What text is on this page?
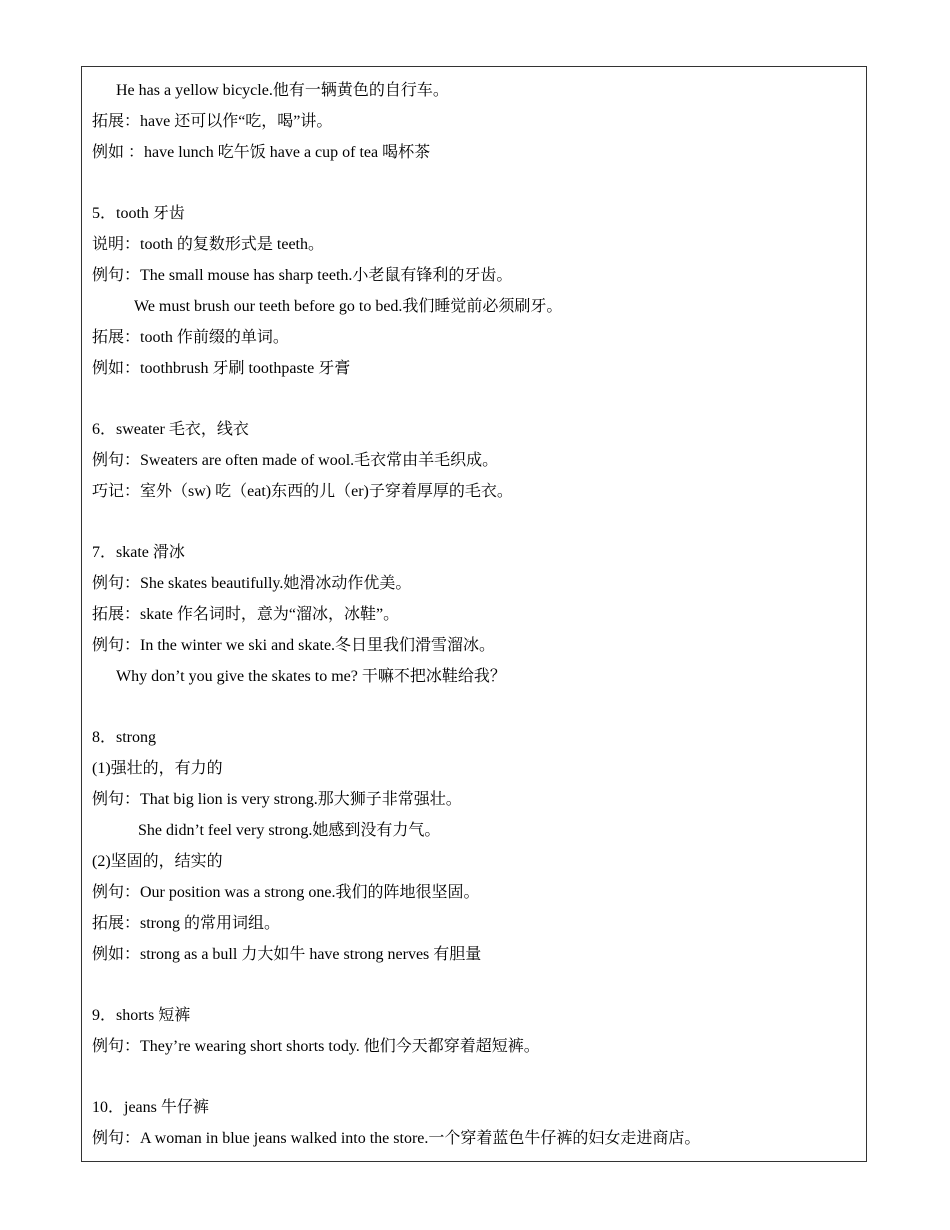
He has a yellow bicycle.他有一辆黄色的自行车。
拓展：have 还可以作“吃，喝”讲。
例如 ：have lunch 吃午饭 have a cup of tea 喝杯茶
5．tooth 牙齿
说明：tooth 的复数形式是 teeth。
例句：The small mouse has sharp teeth.小老鼠有锋利的牙齿。
We must brush our teeth before go to bed.我们睡觉前必须刷牙。
拓展：tooth 作前缀的单词。
例如：toothbrush 牙刷 toothpaste 牙膏
6．sweater 毛衣，线衣
例句：Sweaters are often made of wool.毛衣常由羊毛织成。
巧记：室外（sw) 吃（eat)东西的儿（er)子穿着厚厚的毛衣。
7．skate 滑冰
例句：She skates beautifully.她滑冰动作优美。
拓展：skate 作名词时，意为“溜冰，冰鞋”。
例句：In the winter we ski and skate.冬日里我们滑雪溜冰。
Why don’t you give the skates to me? 干嘛不把冰鞋给我？
8．strong
(1)强壮的，有力的
例句：That big lion is very strong.那大狮子非常强壮。
She didn’t feel very strong.她感到没有力气。
(2)坚固的，结实的
例句：Our position was a strong one.我们的阵地很坚固。
拓展：strong 的常用词组。
例如：strong as a bull 力大如牛 have strong nerves 有胆量
9．shorts 短裤
例句：They’re wearing short shorts tody. 他们今天都穿着超短裤。
10．jeans 牛仔裤
例句：A woman in blue jeans walked into the store.一个穿着蓝色牛仔裤的妇女走进商店。
